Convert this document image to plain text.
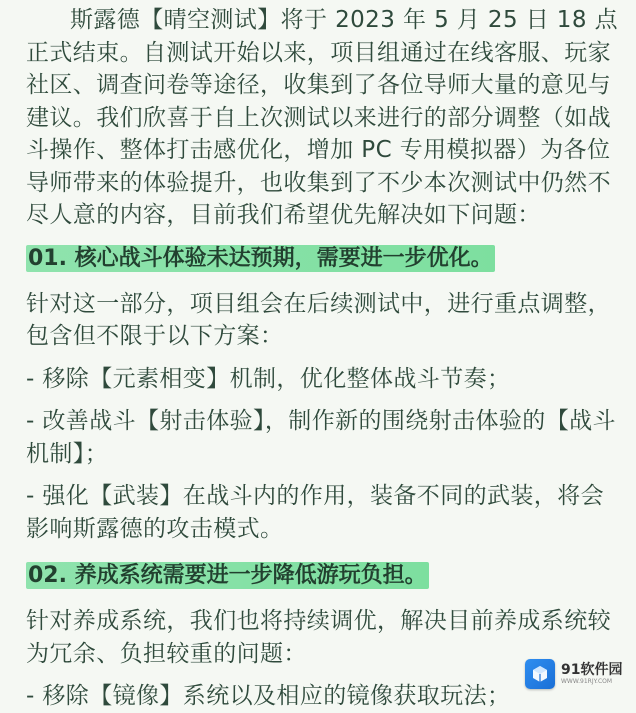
斯露德【晴空测试】将于 2023 年 5 月 25 日 18 点正式结束。自测试开始以来，项目组通过在线客服、玩家社区、调查问卷等途径，收集到了各位导师大量的意见与建议。我们欣喜于自上次测试以来进行的部分调整（如战斗操作、整体打击感优化，增加 PC 专用模拟器）为各位导师带来的体验提升，也收集到了不少本次测试中仍然不尽人意的内容，目前我们希望优先解决如下问题：

01. 核心战斗体验未达预期，需要进一步优化。

针对这一部分，项目组会在后续测试中，进行重点调整，包含但不限于以下方案：

- 移除【元素相变】机制，优化整体战斗节奏；

- 改善战斗【射击体验】，制作新的围绕射击体验的【战斗机制】；

- 强化【武装】在战斗内的作用，装备不同的武装，将会影响斯露德的攻击模式。

02. 养成系统需要进一步降低游玩负担。

针对养成系统，我们也将持续调优，解决目前养成系统较为冗余、负担较重的问题：

- 移除【镜像】系统以及相应的镜像获取玩法；

91软件园
WWW.91RJY.COM
